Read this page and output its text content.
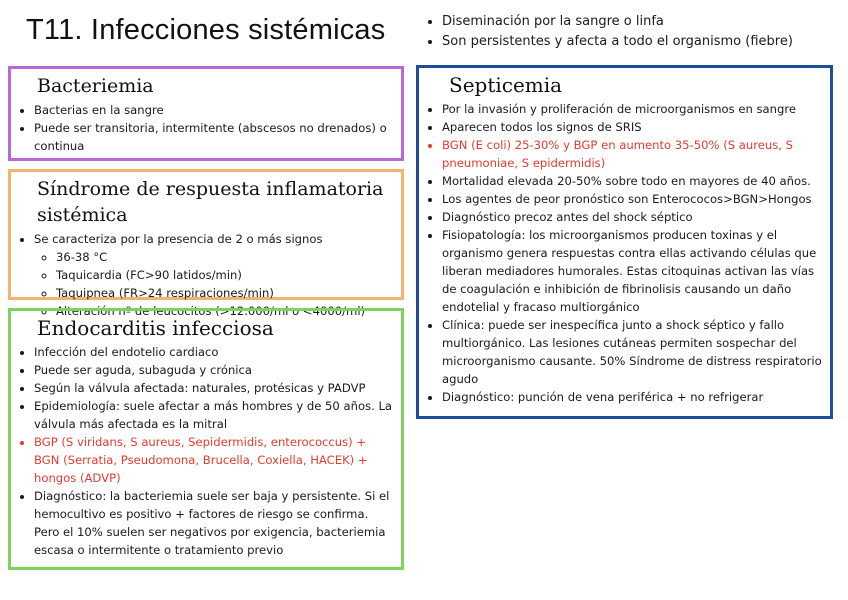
T11. Infecciones sistémicas
•	Diseminación por la sangre o linfa
• Son persistentes y afecta a todo el organismo (fiebre)
Bacteriemia
• Bacterias en la sangre
• Puede ser transitoria, intermitente (abscesos no drenados) o continua
Síndrome de respuesta inflamatoria sistémica
• Se caracteriza por la presencia de 2 o más signos
◦ 36-38 °C
◦ Taquicardia (FC>90 latidos/min)
◦ Taquipnea (FR>24 respiraciones/min)
◦ Alteración nº de leucocitos (>12.000/ml o <4000/ml)
Endocarditis infecciosa
• Infección del endotelio cardiaco
• Puede ser aguda, subaguda y crónica
• Según la válvula afectada: naturales, protésicas y PADVP
• Epidemiología: suele afectar a más hombres y de 50 años. La válvula más afectada es la mitral
• BGP (S viridans, S aureus, Sepidermidis, enterococcus) + BGN (Serratia, Pseudomona, Brucella, Coxiella, HACEK) + hongos (ADVP)
• Diagnóstico: la bacteriemia suele ser baja y persistente. Si el hemocultivo es positivo + factores de riesgo se confirma. Pero el 10% suelen ser negativos por exigencia, bacteriemia escasa o intermitente o tratamiento previo
Septicemia
• Por la invasión y proliferación de microorganismos en sangre
• Aparecen todos los signos de SRIS
• BGN (E coli) 25-30% y BGP en aumento 35-50% (S aureus, S pneumoniae, S epidermidis)
• Mortalidad elevada 20-50% sobre todo en mayores de 40 años.
• Los agentes de peor pronóstico son Enterococos>BGN>Hongos
• Diagnóstico precoz antes del shock séptico
• Fisiopatología: los microorganismos producen toxinas y el organismo genera respuestas contra ellas activando células que liberan mediadores humorales. Estas citoquinas activan las vías de coagulación e inhibición de fibrinolisis causando un daño endotelial y fracaso multiorgánico
• Clínica: puede ser inespecífica junto a shock séptico y fallo multiorgánico. Las lesiones cutáneas permiten sospechar del microorganismo causante. 50% Síndrome de distress respiratorio agudo
• Diagnóstico: punción de vena periférica + no refrigerar
